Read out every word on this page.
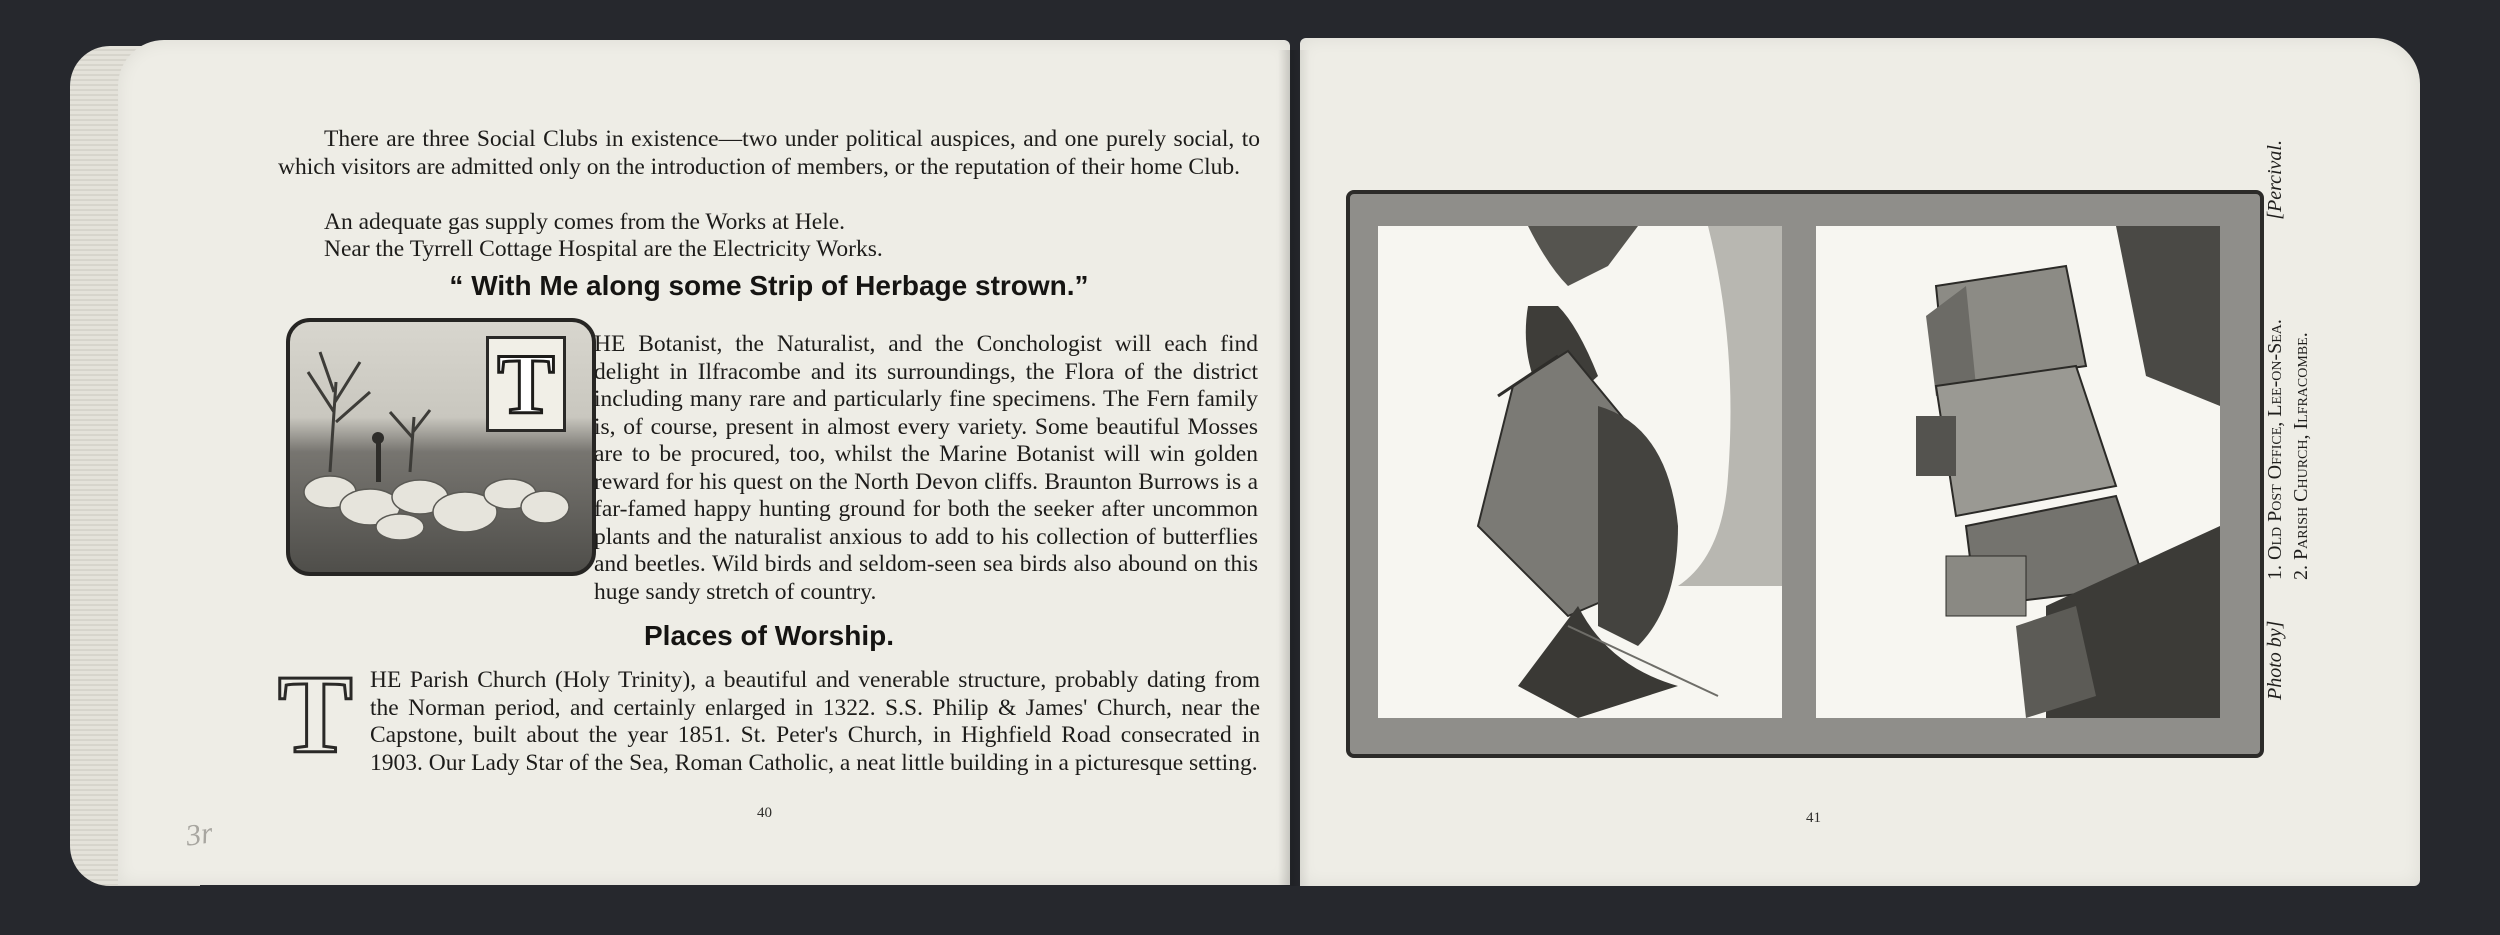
There are three Social Clubs in existence—two under political auspices, and one purely social, to which visitors are admitted only on the introduction of members, or the reputation of their home Club.
An adequate gas supply comes from the Works at Hele.
Near the Tyrrell Cottage Hospital are the Electricity Works.
“ With Me along some Strip of Herbage strown.”
T HE Botanist, the Naturalist, and the Conchologist will each find delight in Ilfracombe and its surroundings, the Flora of the district including many rare and particularly fine specimens. The Fern family is, of course, present in almost every variety. Some beautiful Mosses are to be procured, too, whilst the Marine Botanist will win golden reward for his quest on the North Devon cliffs. Braunton Burrows is a far-famed happy hunting ground for both the seeker after uncommon plants and the naturalist anxious to add to his collection of butterflies and beetles. Wild birds and seldom-seen sea birds also abound on this huge sandy stretch of country.
Places of Worship.
T HE Parish Church (Holy Trinity), a beautiful and venerable structure, probably dating from the Norman period, and certainly enlarged in 1322. S.S. Philip & James' Church, near the Capstone, built about the year 1851. St. Peter's Church, in Highfield Road consecrated in 1903. Our Lady Star of the Sea, Roman Catholic, a neat little building in a picturesque setting.
40
3r
Photo by]
1. Old Post Office, Lee-on-Sea.
[Percival.
2. Parish Church, Ilfracombe.
41
